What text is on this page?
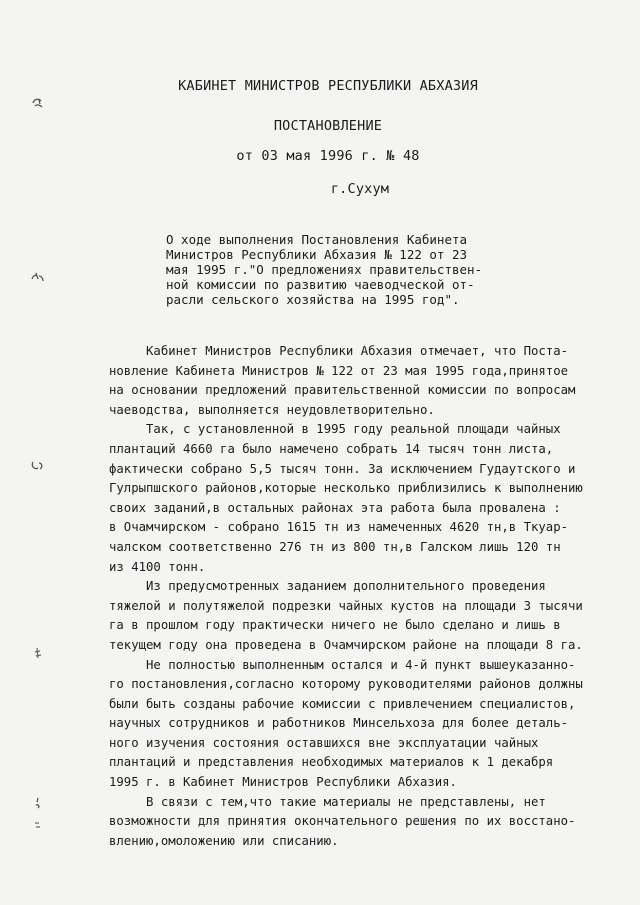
КАБИНЕТ МИНИСТРОВ РЕСПУБЛИКИ АБХАЗИЯ
ПОСТАНОВЛЕНИЕ
от 03 мая 1996 г. № 48
г.Сухум
О ходе выполнения Постановления Кабинета
Министров Республики Абхазия № 122 от 23
мая 1995 г."О предложениях правительствен-
ной комиссии по развитию чаеводческой от-
расли сельского хозяйства на 1995 год".
Кабинет Министров Республики Абхазия отмечает, что Поста-
новление Кабинета Министров № 122 от 23 мая 1995 года,принятое
на основании предложений правительственной комиссии по вопросам
чаеводства, выполняется неудовлетворительно.
Так, с установленной в 1995 году реальной площади чайных
плантаций 4660 га было намечено собрать 14 тысяч тонн листа,
фактически собрано 5,5 тысяч тонн. За исключением Гудаутского и
Гулрыпшского районов,которые несколько приблизились к выполнению
своих заданий,в остальных районах эта работа была провалена :
в Очамчирском - собрано 1615 тн из намеченных 4620 тн,в Ткуар-
чалском соответственно 276 тн из 800 тн,в Галском лишь 120 тн
из 4100 тонн.
Из предусмотренных заданием дополнительного проведения
тяжелой и полутяжелой подрезки чайных кустов на площади 3 тысячи
га в прошлом году практически ничего не было сделано и лишь в
текущем году она проведена в Очамчирском районе на площади 8 га.
Не полностью выполненным остался и 4-й пункт вышеуказанно-
го постановления,согласно которому руководителями районов должны
были быть созданы рабочие комиссии с привлечением специалистов,
научных сотрудников и работников Минсельхоза для более деталь-
ного изучения состояния оставшихся вне эксплуатации чайных
плантаций и представления необходимых материалов к 1 декабря
1995 г. в Кабинет Министров Республики Абхазия.
В связи с тем,что такие материалы не представлены, нет
возможности для принятия окончательного решения по их восстано-
влению,омоложению или списанию.
